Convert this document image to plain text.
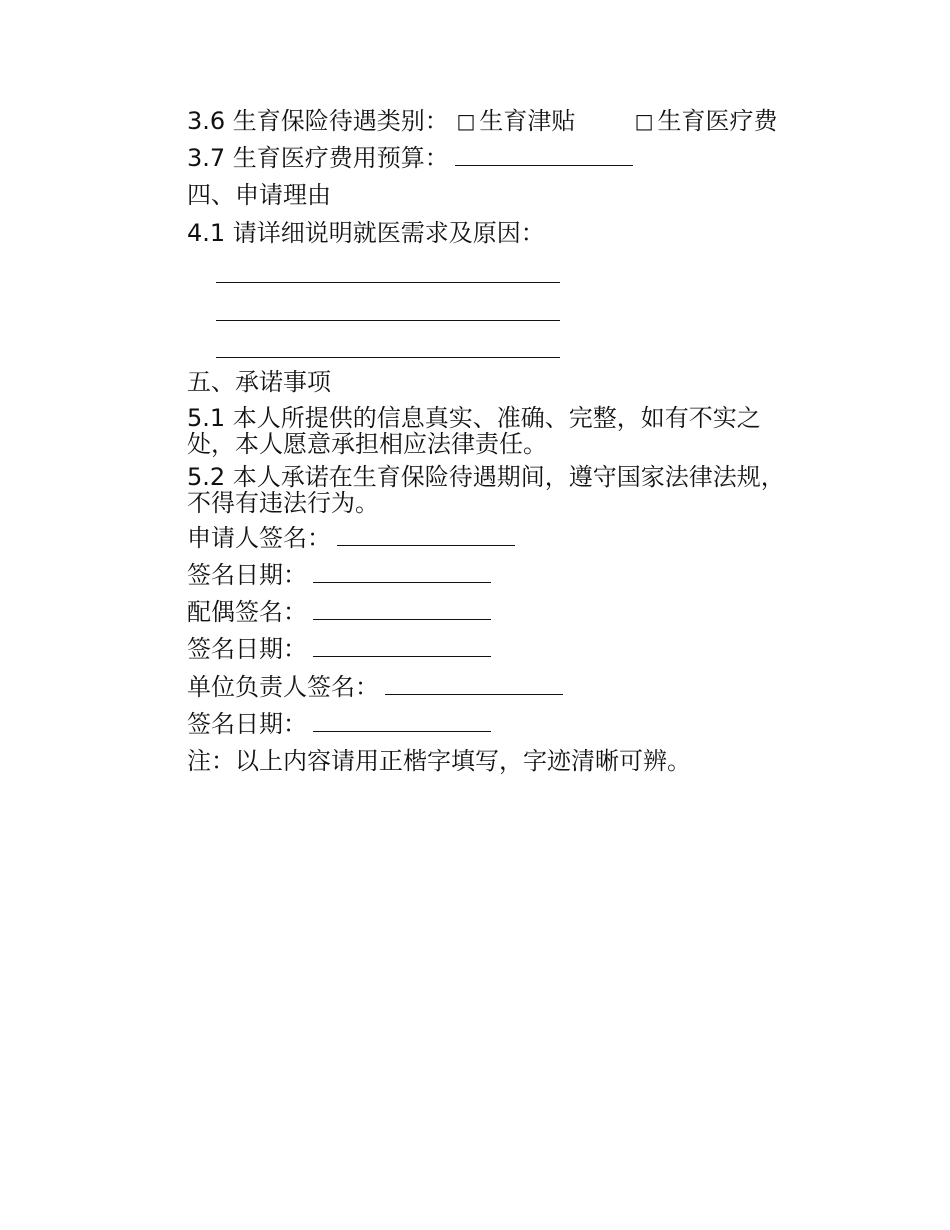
3.6 生育保险待遇类别： □ 生育津贴	□ 生育医疗费
3.7 生育医疗费用预算：
四、申请理由
4.1 请详细说明就医需求及原因：
五、承诺事项
5.1 本人所提供的信息真实、准确、完整，如有不实之处，本人愿意承担相应法律责任。
5.2 本人承诺在生育保险待遇期间，遵守国家法律法规，不得有违法行为。
申请人签名：
签名日期：
配偶签名：
签名日期：
单位负责人签名：
签名日期：
注：以上内容请用正楷字填写，字迹清晰可辨。
